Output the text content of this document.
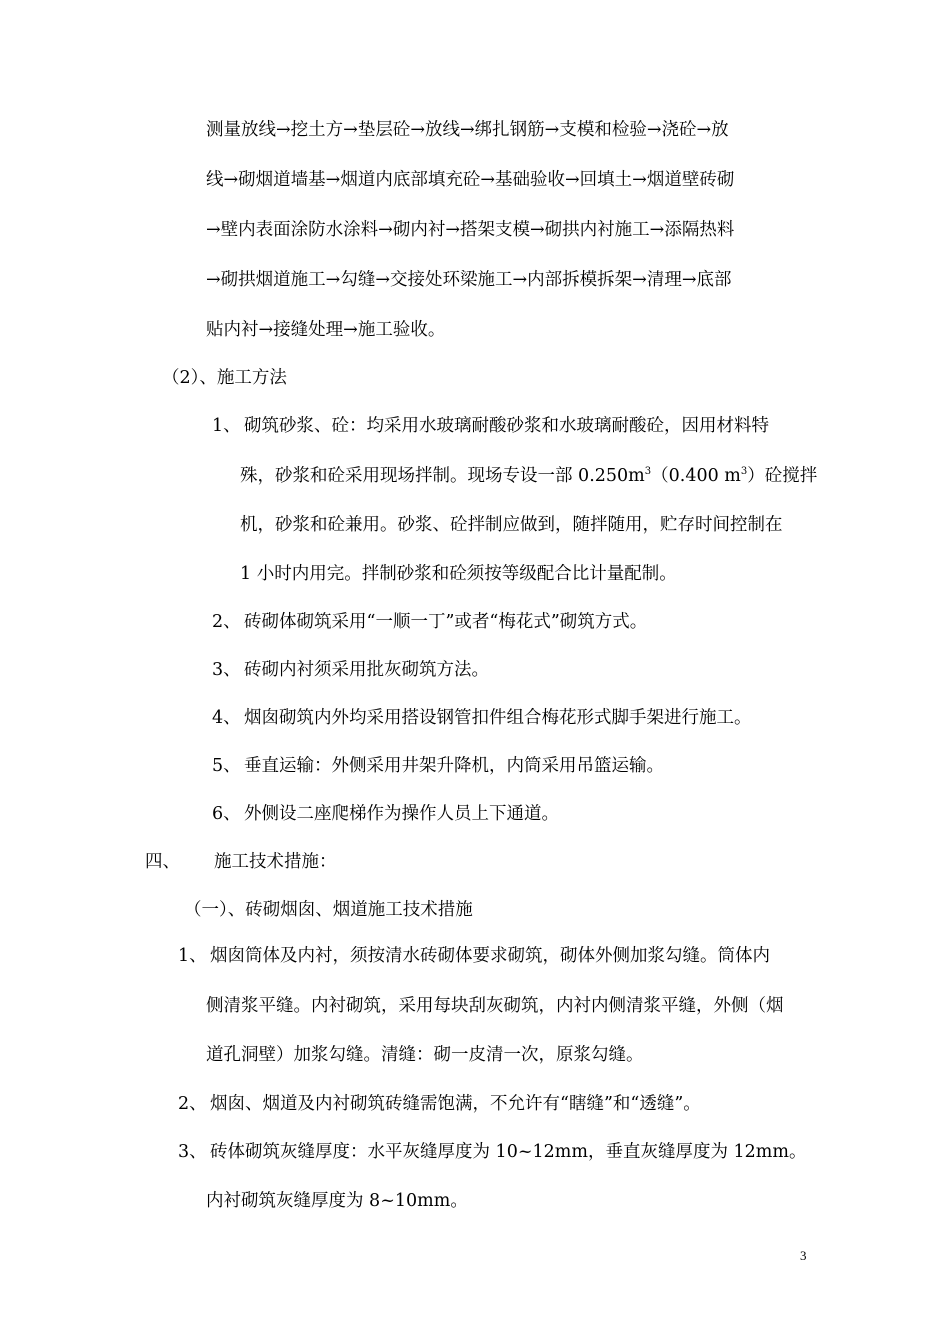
测量放线→挖土方→垫层砼→放线→绑扎钢筋→支模和检验→浇砼→放

线→砌烟道墙基→烟道内底部填充砼→基础验收→回填土→烟道壁砖砌

→壁内表面涂防水涂料→砌内衬→搭架支模→砌拱内衬施工→添隔热料

→砌拱烟道施工→勾缝→交接处环梁施工→内部拆模拆架→清理→底部

贴内衬→接缝处理→施工验收。

（2）、施工方法

1、 砌筑砂浆、砼：均采用水玻璃耐酸砂浆和水玻璃耐酸砼，因用材料特

殊，砂浆和砼采用现场拌制。现场专设一部 $0.250m^3(0.400$ $m^3$）砼搅拌

机，砂浆和砼兼用。砂浆、砼拌制应做到，随拌随用，贮存时间控制在

1 小时内用完。拌制砂浆和砼须按等级配合比计量配制。

2、 砖砌体砌筑采用“一顺一丁”或者“梅花式”砌筑方式。

3、 砖砌内衬须采用批灰砌筑方法。

4、 烟囱砌筑内外均采用搭设钢管扣件组合梅花形式脚手架进行施工。

5、 垂直运输：外侧采用井架升降机，内筒采用吊篮运输。

6、 外侧设二座爬梯作为操作人员上下通道。

四、 施工技术措施：

（一）、砖砌烟囱、烟道施工技术措施

1、 烟囱筒体及内衬，须按清水砖砌体要求砌筑，砌体外侧加浆勾缝。筒体内

侧清浆平缝。内衬砌筑，采用每块刮灰砌筑，内衬内侧清浆平缝，外侧（烟

道孔洞壁）加浆勾缝。清缝：砌一皮清一次，原浆勾缝。

2、 烟囱、烟道及内衬砌筑砖缝需饱满，不允许有“瞎缝”和“透缝”。

3、 砖体砌筑灰缝厚度：水平灰缝厚度为 10~12mm，垂直灰缝厚度为 12mm。

内衬砌筑灰缝厚度为 8~10mm。

3
